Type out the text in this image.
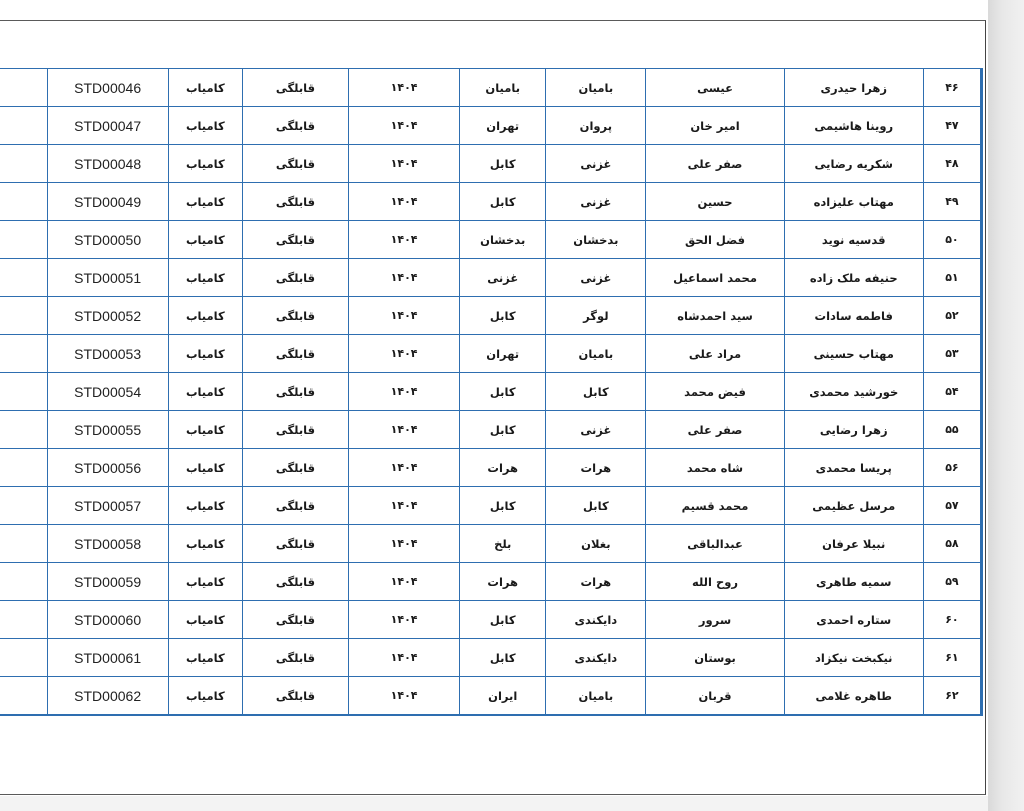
	STD00046	کامیاب	قابلگی	۱۴۰۴	بامیان	بامیان	عیسی	زهرا حیدری	۴۶
	STD00047	کامیاب	قابلگی	۱۴۰۴	تهران	پروان	امیر خان	روینا هاشیمی	۴۷
	STD00048	کامیاب	قابلگی	۱۴۰۴	کابل	غزنی	صفر علی	شکریه رضایی	۴۸
	STD00049	کامیاب	قابلگی	۱۴۰۴	کابل	غزنی	حسین	مهتاب علیزاده	۴۹
	STD00050	کامیاب	قابلگی	۱۴۰۴	بدخشان	بدخشان	فضل الحق	قدسیه نوید	۵۰
	STD00051	کامیاب	قابلگی	۱۴۰۴	غزنی	غزنی	محمد اسماعیل	حنیفه ملک زاده	۵۱
	STD00052	کامیاب	قابلگی	۱۴۰۴	کابل	لوگر	سید احمدشاه	فاطمه سادات	۵۲
	STD00053	کامیاب	قابلگی	۱۴۰۴	تهران	بامیان	مراد علی	مهتاب حسینی	۵۳
	STD00054	کامیاب	قابلگی	۱۴۰۴	کابل	کابل	فیض محمد	خورشید محمدی	۵۴
	STD00055	کامیاب	قابلگی	۱۴۰۴	کابل	غزنی	صفر علی	زهرا رضایی	۵۵
	STD00056	کامیاب	قابلگی	۱۴۰۴	هرات	هرات	شاه محمد	پریسا محمدی	۵۶
	STD00057	کامیاب	قابلگی	۱۴۰۴	کابل	کابل	محمد قسیم	مرسل عظیمی	۵۷
	STD00058	کامیاب	قابلگی	۱۴۰۴	بلخ	بغلان	عبدالباقی	نبیلا عرفان	۵۸
	STD00059	کامیاب	قابلگی	۱۴۰۴	هرات	هرات	روح الله	سمیه طاهری	۵۹
	STD00060	کامیاب	قابلگی	۱۴۰۴	کابل	دایکندی	سرور	ستاره احمدی	۶۰
	STD00061	کامیاب	قابلگی	۱۴۰۴	کابل	دایکندی	بوستان	نیکبخت نیکزاد	۶۱
	STD00062	کامیاب	قابلگی	۱۴۰۴	ایران	بامیان	قربان	طاهره غلامی	۶۲
